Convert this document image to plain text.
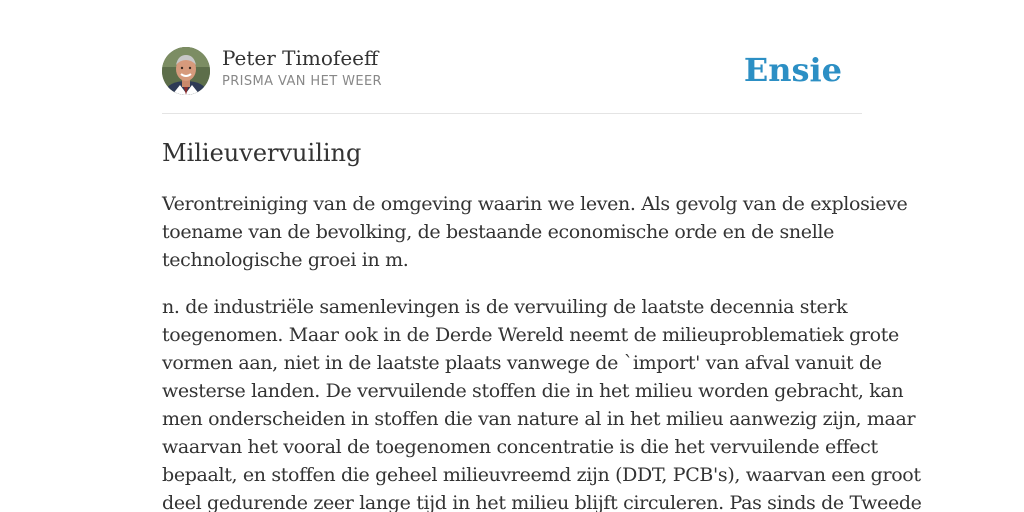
Peter Timofeeff
PRISMA VAN HET WEER	Ensie
Milieuvervuiling

Verontreiniging van de omgeving waarin we leven. Als gevolg van de explosieve
toename van de bevolking, de bestaande economische orde en de snelle
technologische groei in m.

n. de industriële samenlevingen is de vervuiling de laatste decennia sterk
toegenomen. Maar ook in de Derde Wereld neemt de milieuproblematiek grote
vormen aan, niet in de laatste plaats vanwege de `import' van afval vanuit de
westerse landen. De vervuilende stoffen die in het milieu worden gebracht, kan
men onderscheiden in stoffen die van nature al in het milieu aanwezig zijn, maar
waarvan het vooral de toegenomen concentratie is die het vervuilende effect
bepaalt, en stoffen die geheel milieuvreemd zijn (DDT, PCB's), waarvan een groot
deel gedurende zeer lange tijd in het milieu blijft circuleren. Pas sinds de Tweede
